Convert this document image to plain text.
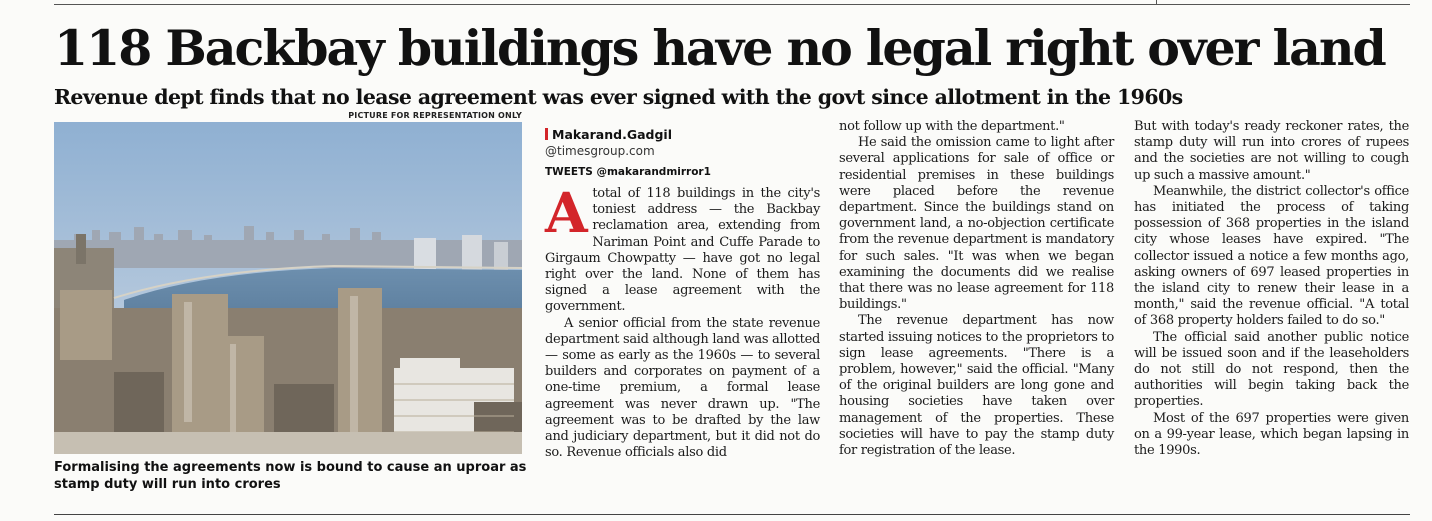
118 Backbay buildings have no legal right over land
Revenue dept finds that no lease agreement was ever signed with the govt since allotment in the 1960s
PICTURE FOR REPRESENTATION ONLY

Formalising the agreements now is bound to cause an uproar as stamp duty will run into crores

Makarand.Gadgil
@timesgroup.com
TWEETS @makarandmirror1

Atotal of 118 buildings in the city's toniest address — the Backbay reclamation area, extending from Nariman Point and Cuffe Parade to Girgaum Chowpatty — have got no legal right over the land. None of them has signed a lease agreement with the government.

A senior official from the state revenue department said although land was allotted — some as early as the 1960s — to several builders and corporates on payment of a one-time premium, a formal lease agreement was never drawn up. "The agreement was to be drafted by the law and judiciary department, but it did not do so. Revenue officials also did

not follow up with the department."

He said the omission came to light after several applications for sale of office or residential premises in these buildings were placed before the revenue department. Since the buildings stand on government land, a no-objection certificate from the revenue department is mandatory for such sales. "It was when we began examining the documents did we realise that there was no lease agreement for 118 buildings."

The revenue department has now started issuing notices to the proprietors to sign lease agreements. "There is a problem, however," said the official. "Many of the original builders are long gone and housing societies have taken over management of the properties. These societies will have to pay the stamp duty for registration of the lease.

But with today's ready reckoner rates, the stamp duty will run into crores of rupees and the societies are not willing to cough up such a massive amount."

Meanwhile, the district collector's office has initiated the process of taking possession of 368 properties in the island city whose leases have expired. "The collector issued a notice a few months ago, asking owners of 697 leased properties in the island city to renew their lease in a month," said the revenue official. "A total of 368 property holders failed to do so."

The official said another public notice will be issued soon and if the leaseholders do not still do not respond, then the authorities will begin taking back the properties.

Most of the 697 properties were given on a 99-year lease, which began lapsing in the 1990s.
